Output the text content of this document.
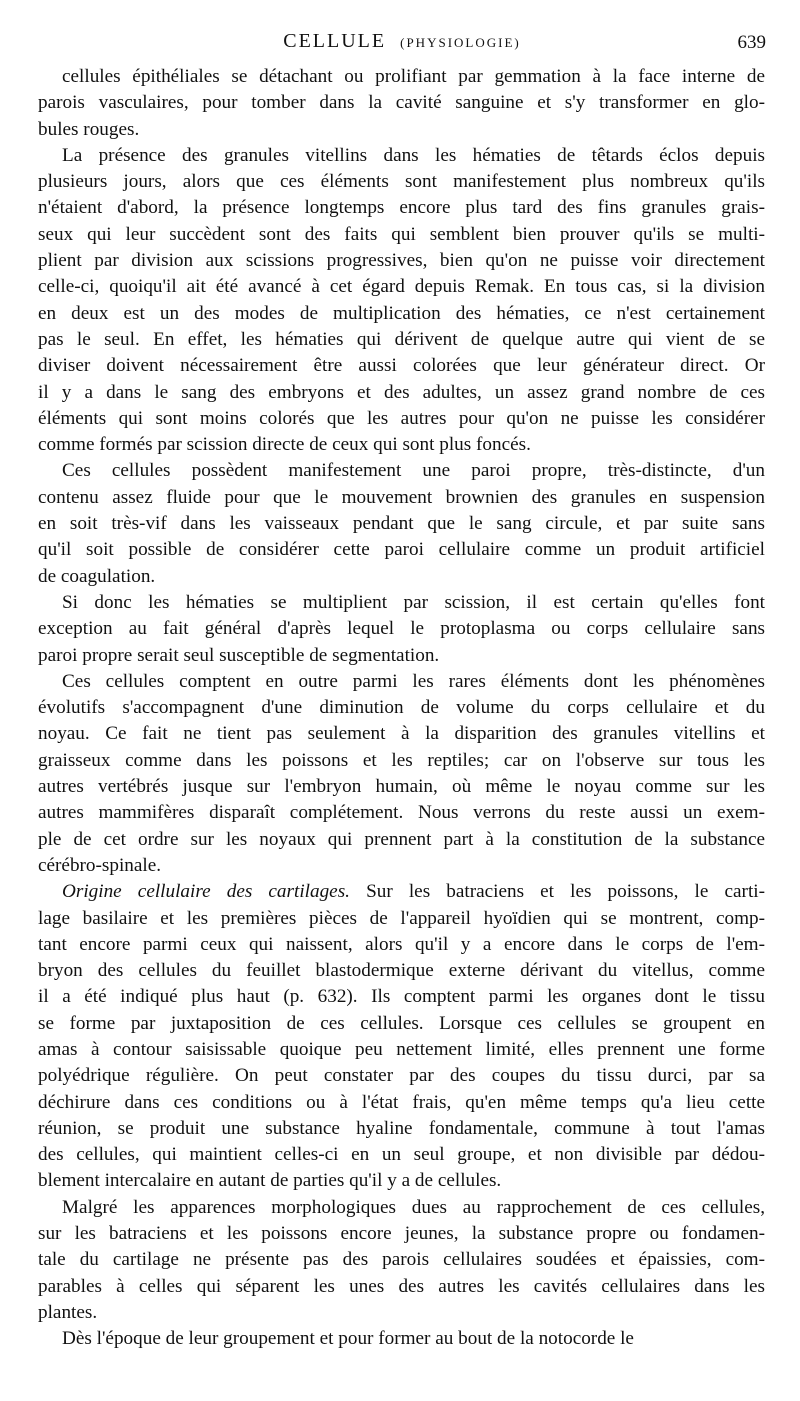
CELLULE (PHYSIOLOGIE)	639
cellules épithéliales se détachant ou prolifiant par gemmation à la face interne de
parois vasculaires, pour tomber dans la cavité sanguine et s'y transformer en glo-
bules rouges.
La présence des granules vitellins dans les hématies de têtards éclos depuis
plusieurs jours, alors que ces éléments sont manifestement plus nombreux qu'ils
n'étaient d'abord, la présence longtemps encore plus tard des fins granules grais-
seux qui leur succèdent sont des faits qui semblent bien prouver qu'ils se multi-
plient par division aux scissions progressives, bien qu'on ne puisse voir directement
celle-ci, quoiqu'il ait été avancé à cet égard depuis Remak. En tous cas, si la division
en deux est un des modes de multiplication des hématies, ce n'est certainement
pas le seul. En effet, les hématies qui dérivent de quelque autre qui vient de se
diviser doivent nécessairement être aussi colorées que leur générateur direct. Or
il y a dans le sang des embryons et des adultes, un assez grand nombre de ces
éléments qui sont moins colorés que les autres pour qu'on ne puisse les considérer
comme formés par scission directe de ceux qui sont plus foncés.
Ces cellules possèdent manifestement une paroi propre, très-distincte, d'un
contenu assez fluide pour que le mouvement brownien des granules en suspension
en soit très-vif dans les vaisseaux pendant que le sang circule, et par suite sans
qu'il soit possible de considérer cette paroi cellulaire comme un produit artificiel
de coagulation.
Si donc les hématies se multiplient par scission, il est certain qu'elles font
exception au fait général d'après lequel le protoplasma ou corps cellulaire sans
paroi propre serait seul susceptible de segmentation.
Ces cellules comptent en outre parmi les rares éléments dont les phénomènes
évolutifs s'accompagnent d'une diminution de volume du corps cellulaire et du
noyau. Ce fait ne tient pas seulement à la disparition des granules vitellins et
graisseux comme dans les poissons et les reptiles; car on l'observe sur tous les
autres vertébrés jusque sur l'embryon humain, où même le noyau comme sur les
autres mammifères disparaît complétement. Nous verrons du reste aussi un exem-
ple de cet ordre sur les noyaux qui prennent part à la constitution de la substance
cérébro-spinale.
Origine cellulaire des cartilages. Sur les batraciens et les poissons, le carti-
lage basilaire et les premières pièces de l'appareil hyoïdien qui se montrent, comp-
tant encore parmi ceux qui naissent, alors qu'il y a encore dans le corps de l'em-
bryon des cellules du feuillet blastodermique externe dérivant du vitellus, comme
il a été indiqué plus haut (p. 632). Ils comptent parmi les organes dont le tissu
se forme par juxtaposition de ces cellules. Lorsque ces cellules se groupent en
amas à contour saisissable quoique peu nettement limité, elles prennent une forme
polyédrique régulière. On peut constater par des coupes du tissu durci, par sa
déchirure dans ces conditions ou à l'état frais, qu'en même temps qu'a lieu cette
réunion, se produit une substance hyaline fondamentale, commune à tout l'amas
des cellules, qui maintient celles-ci en un seul groupe, et non divisible par dédou-
blement intercalaire en autant de parties qu'il y a de cellules.
Malgré les apparences morphologiques dues au rapprochement de ces cellules,
sur les batraciens et les poissons encore jeunes, la substance propre ou fondamen-
tale du cartilage ne présente pas des parois cellulaires soudées et épaissies, com-
parables à celles qui séparent les unes des autres les cavités cellulaires dans les
plantes.
Dès l'époque de leur groupement et pour former au bout de la notocorde le
